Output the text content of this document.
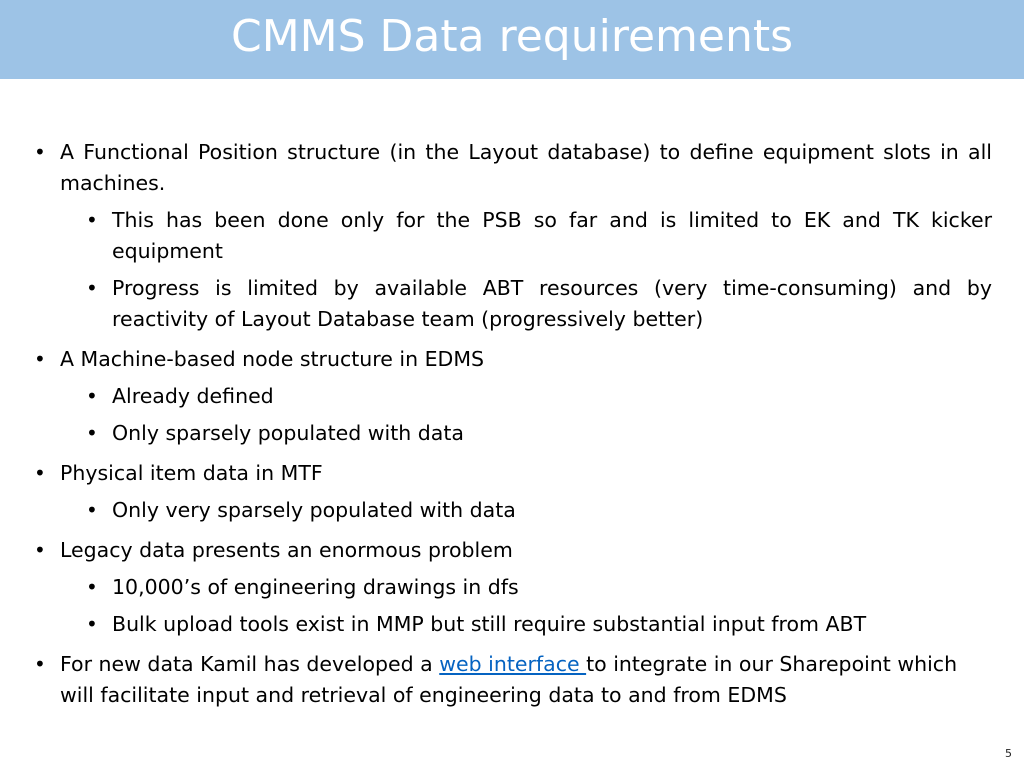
CMMS Data requirements
• A Functional Position structure (in the Layout database) to define equipment slots in all machines.
• This has been done only for the PSB so far and is limited to EK and TK kicker equipment
• Progress is limited by available ABT resources (very time-consuming) and by reactivity of Layout Database team (progressively better)
• A Machine-based node structure in EDMS
• Already defined
• Only sparsely populated with data
• Physical item data in MTF
• Only very sparsely populated with data
• Legacy data presents an enormous problem
• 10,000’s of engineering drawings in dfs
• Bulk upload tools exist in MMP but still require substantial input from ABT
• For new data Kamil has developed a web interface to integrate in our Sharepoint which will facilitate input and retrieval of engineering data to and from EDMS
5
